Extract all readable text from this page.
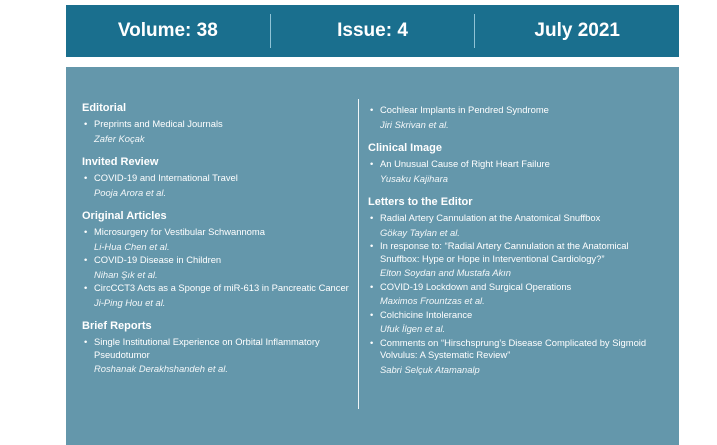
Volume: 38	Issue: 4	July 2021
Editorial
• Preprints and Medical Journals
Zafer Koçak
Invited Review
• COVID-19 and International Travel
Pooja Arora et al.
Original Articles
• Microsurgery for Vestibular Schwannoma
Li-Hua Chen et al.
• COVID-19 Disease in Children
Nihan Şık et al.
• CircCCT3 Acts as a Sponge of miR-613 in Pancreatic Cancer
Ji-Ping Hou et al.
Brief Reports
• Single Institutional Experience on Orbital Inflammatory Pseudotumor
Roshanak Derakhshandeh et al.
• Cochlear Implants in Pendred Syndrome
Jiri Skrivan et al.
Clinical Image
• An Unusual Cause of Right Heart Failure
Yusaku Kajihara
Letters to the Editor
• Radial Artery Cannulation at the Anatomical Snuffbox
Gökay Taylan et al.
• In response to: “Radial Artery Cannulation at the Anatomical Snuffbox: Hype or Hope in Interventional Cardiology?”
Elton Soydan and Mustafa Akın
• COVID-19 Lockdown and Surgical Operations
Maximos Frountzas et al.
• Colchicine Intolerance
Ufuk İlgen et al.
• Comments on “Hirschsprung’s Disease Complicated by Sigmoid Volvulus: A Systematic Review”
Sabri Selçuk Atamanalp
